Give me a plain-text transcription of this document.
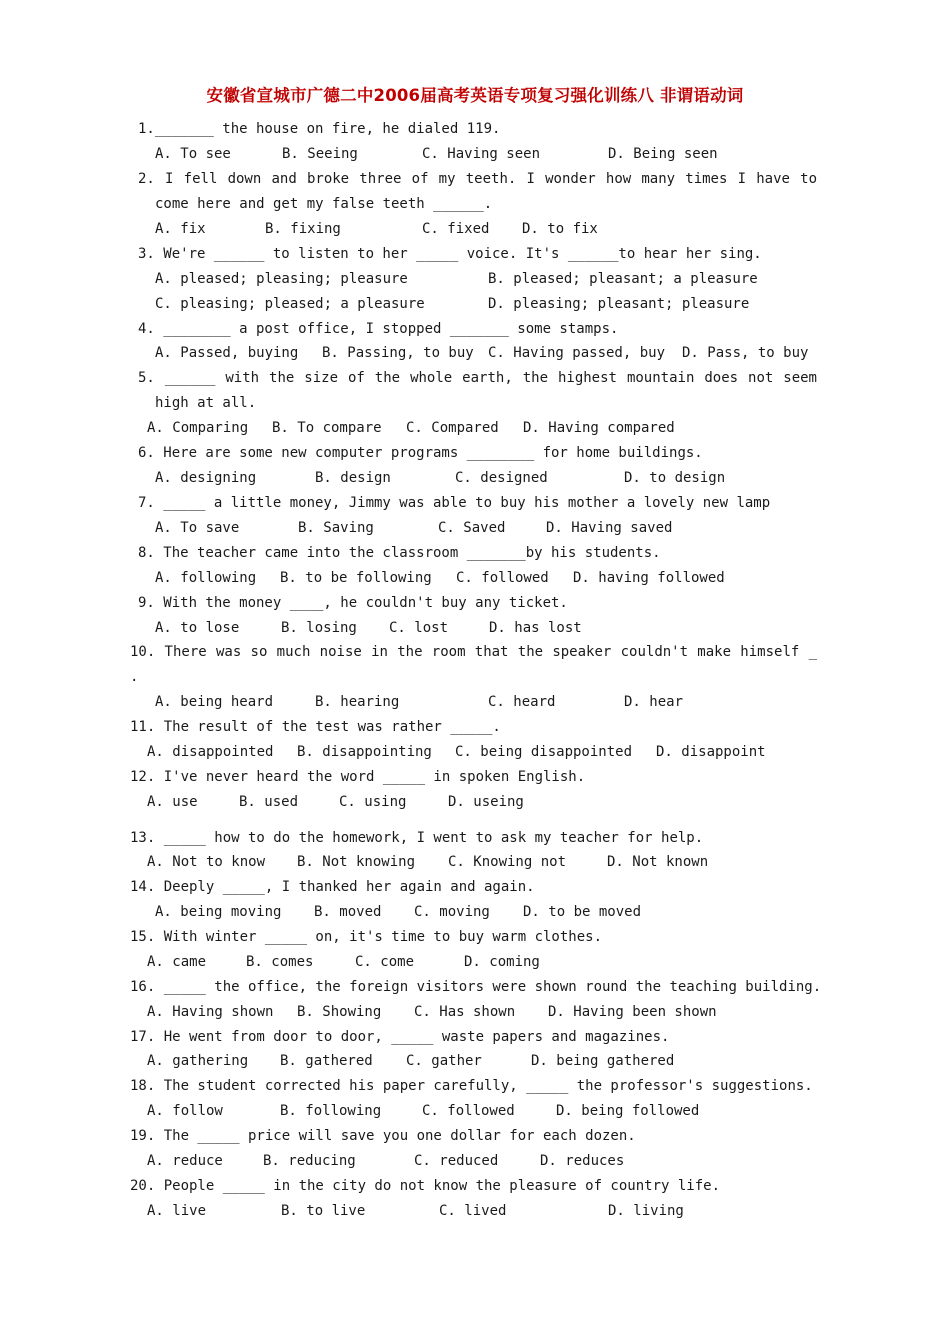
安徽省宣城市广德二中2006届高考英语专项复习强化训练八 非谓语动词
1._______ the house on fire, he dialed 119.
A. To see	B. Seeing	C. Having seen	D. Being seen
2. I fell down and broke three of my teeth. I wonder how many times I have to
come here and get my false teeth ______.
A. fix	B. fixing	C. fixed D. to fix
3. We're ______ to listen to her _____ voice. It's ______to hear her sing.
A. pleased; pleasing; pleasure	B. pleased; pleasant; a pleasure
C. pleasing; pleased; a pleasure	D. pleasing; pleasant; pleasure
4. ________ a post office, I stopped _______ some stamps.
A. Passed, buying B. Passing, to buy C. Having passed, buy D. Pass, to buy
5. ______ with the size of the whole earth, the highest mountain does not seem
high at all.
A. Comparing B. To compare C. Compared D. Having compared
6. Here are some new computer programs ________ for home buildings.
A. designing	B. design	C. designed	D. to design
7. _____ a little money, Jimmy was able to buy his mother a lovely new lamp
A. To save	B. Saving	C. Saved	D. Having saved
8. The teacher came into the classroom _______by his students.
A. following B. to be following C. followed D. having followed
9. With the money ____, he couldn't buy any ticket.
A. to lose	B. losing C. lost	D. has lost
10. There was so much noise in the room that the speaker couldn't make himself _
.
A. being heard	B. hearing	C. heard	D. hear
11. The result of the test was rather _____.
A. disappointed B. disappointing C. being disappointed D. disappoint
12. I've never heard the word _____ in spoken English.
A. use	B. used	C. using	D. useing
13. _____ how to do the homework, I went to ask my teacher for help.
A. Not to know B. Not knowing C. Knowing not	D. Not known
14. Deeply _____, I thanked her again and again.
A. being moving B. moved C. moving D. to be moved
15. With winter _____ on, it's time to buy warm clothes.
A. came	B. comes	C. come	D. coming
16. _____ the office, the foreign visitors were shown round the teaching building.
A. Having shown B. Showing C. Has shown D. Having been shown
17. He went from door to door, _____ waste papers and magazines.
A. gathering B. gathered C. gather	D. being gathered
18. The student corrected his paper carefully, _____ the professor's suggestions.
A. follow	B. following	C. followed	D. being followed
19. The _____ price will save you one dollar for each dozen.
A. reduce	B. reducing	C. reduced	D. reduces
20. People _____ in the city do not know the pleasure of country life.
A. live	B. to live	C. lived	D. living
